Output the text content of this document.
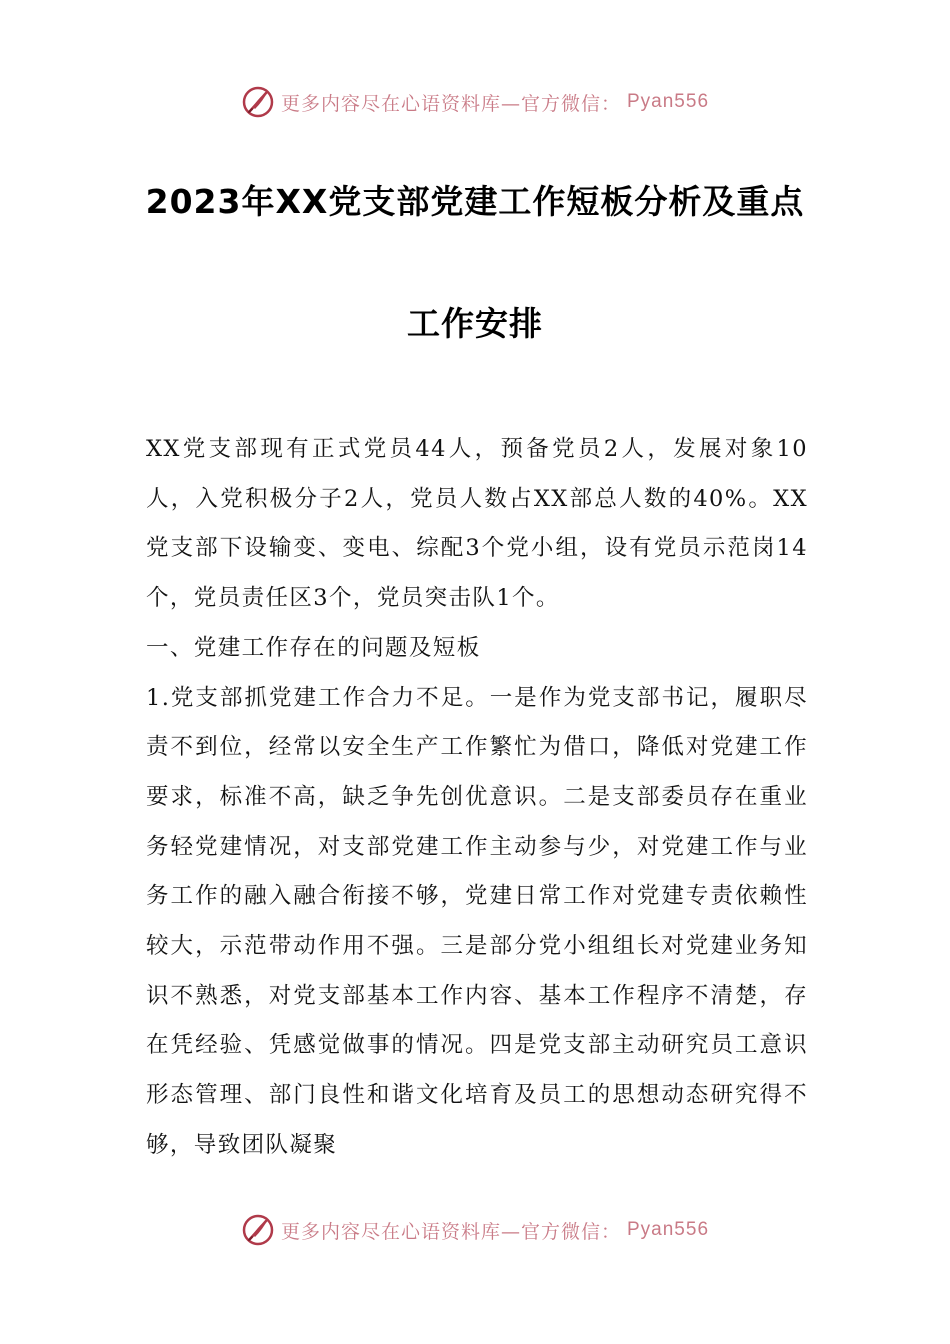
更多内容尽在心语资料库—官方微信： Pyan556
2023年XX党支部党建工作短板分析及重点
工作安排

XX党支部现有正式党员44人，预备党员2人，发展对象10人，入党积极分子2人，党员人数占XX部总人数的40%。XX党支部下设输变、变电、综配3个党小组，设有党员示范岗14个，党员责任区3个，党员突击队1个。

一、党建工作存在的问题及短板

1.党支部抓党建工作合力不足。一是作为党支部书记，履职尽责不到位，经常以安全生产工作繁忙为借口，降低对党建工作要求，标准不高，缺乏争先创优意识。二是支部委员存在重业务轻党建情况，对支部党建工作主动参与少，对党建工作与业务工作的融入融合衔接不够，党建日常工作对党建专责依赖性较大，示范带动作用不强。三是部分党小组组长对党建业务知识不熟悉，对党支部基本工作内容、基本工作程序不清楚，存在凭经验、凭感觉做事的情况。四是党支部主动研究员工意识形态管理、部门良性和谐文化培育及员工的思想动态研究得不够，导致团队凝聚

更多内容尽在心语资料库—官方微信： Pyan556
